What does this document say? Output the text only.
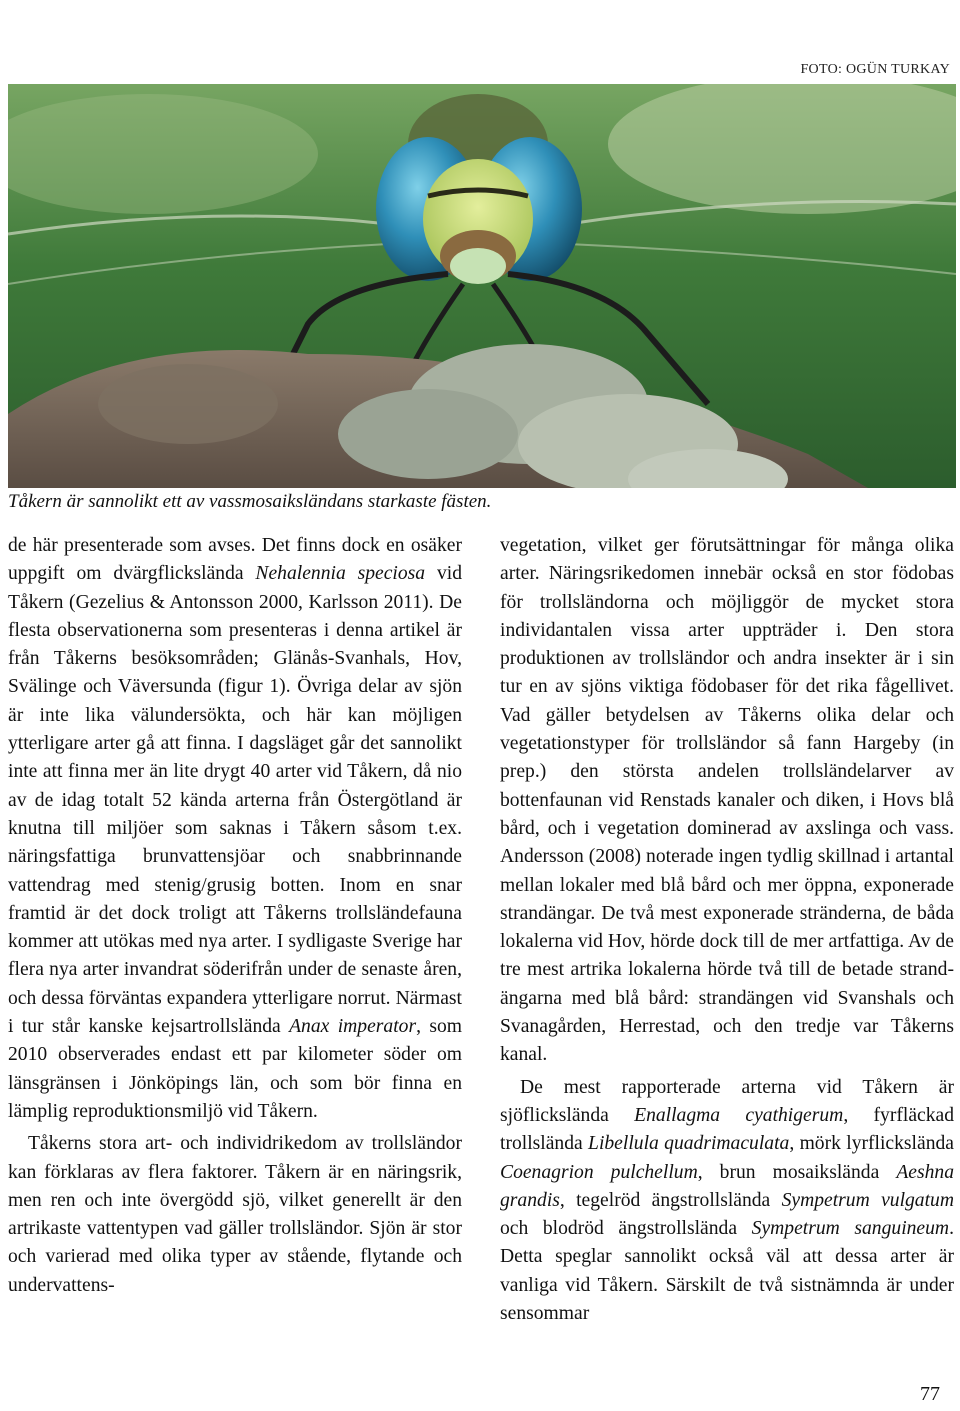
FOTO: OGÜN TURKAY
Tåkern är sannolikt ett av vassmosaiksländans starkaste fästen.

de här presenterade som avses. Det finns dock en osäker uppgift om dvärgflickslända Nehalennia speciosa vid Tåkern (Gezelius & Antonsson 2000, Karlsson 2011). De flesta observationerna som presenteras i denna artikel är från Tåkerns besöksområden; Glänås-Svanhals, Hov, Svälinge och Väversunda (figur 1). Övriga delar av sjön är inte lika välundersökta, och här kan möjligen ytterligare arter gå att finna. I dagsläget går det sannolikt inte att finna mer än lite drygt 40 arter vid Tåkern, då nio av de idag totalt 52 kända arterna från Östergötland är knutna till miljöer som saknas i Tåkern såsom t.ex. näringsfattiga brunvattensjöar och snabbrinnande vattendrag med stenig/grusig botten. Inom en snar framtid är det dock troligt att Tåkerns trollsländefauna kommer att utökas med nya arter. I sydligaste Sverige har flera nya arter invandrat söderifrån under de senaste åren, och dessa förväntas expandera ytterligare norrut. Närmast i tur står kanske kejsartrollslända Anax imperator, som 2010 observerades endast ett par kilometer söder om länsgränsen i Jönköpings län, och som bör finna en lämplig reproduktionsmiljö vid Tåkern.

Tåkerns stora art- och individrikedom av trollsländor kan förklaras av flera faktorer. Tåkern är en näringsrik, men ren och inte övergödd sjö, vilket generellt är den artrikaste vattentypen vad gäller trollsländor. Sjön är stor och varierad med olika typer av stående, flytande och undervattens-

vegetation, vilket ger förutsättningar för många olika arter. Näringsrikedomen innebär också en stor födobas för trollsländorna och möjliggör de mycket stora individantalen vissa arter uppträder i. Den stora produktionen av trollsländor och andra insekter är i sin tur en av sjöns viktiga födobaser för det rika fågellivet. Vad gäller betydelsen av Tåkerns olika delar och vegetationstyper för trollsländor så fann Hargeby (in prep.) den största andelen trollsländelarver av bottenfaunan vid Renstads kanaler och diken, i Hovs blå bård, och i vegetation dominerad av axslinga och vass. Andersson (2008) noterade ingen tydlig skillnad i artantal mellan lokaler med blå bård och mer öppna, exponerade strandängar. De två mest exponerade stränderna, de båda lokalerna vid Hov, hörde dock till de mer artfattiga. Av de tre mest artrika lokalerna hörde två till de betade strandängarna med blå bård: strandängen vid Svanshals och Svanagården, Herrestad, och den tredje var Tåkerns kanal.

De mest rapporterade arterna vid Tåkern är sjöflickslända Enallagma cyathigerum, fyrfläckad trollslända Libellula quadrimaculata, mörk lyrflickslända Coenagrion pulchellum, brun mosaikslända Aeshna grandis, tegelröd ängstrollslända Sympetrum vulgatum och blodröd ängstrollslända Sympetrum sanguineum. Detta speglar sannolikt också väl att dessa arter är vanliga vid Tåkern. Särskilt de två sistnämnda är under sensommar

77
